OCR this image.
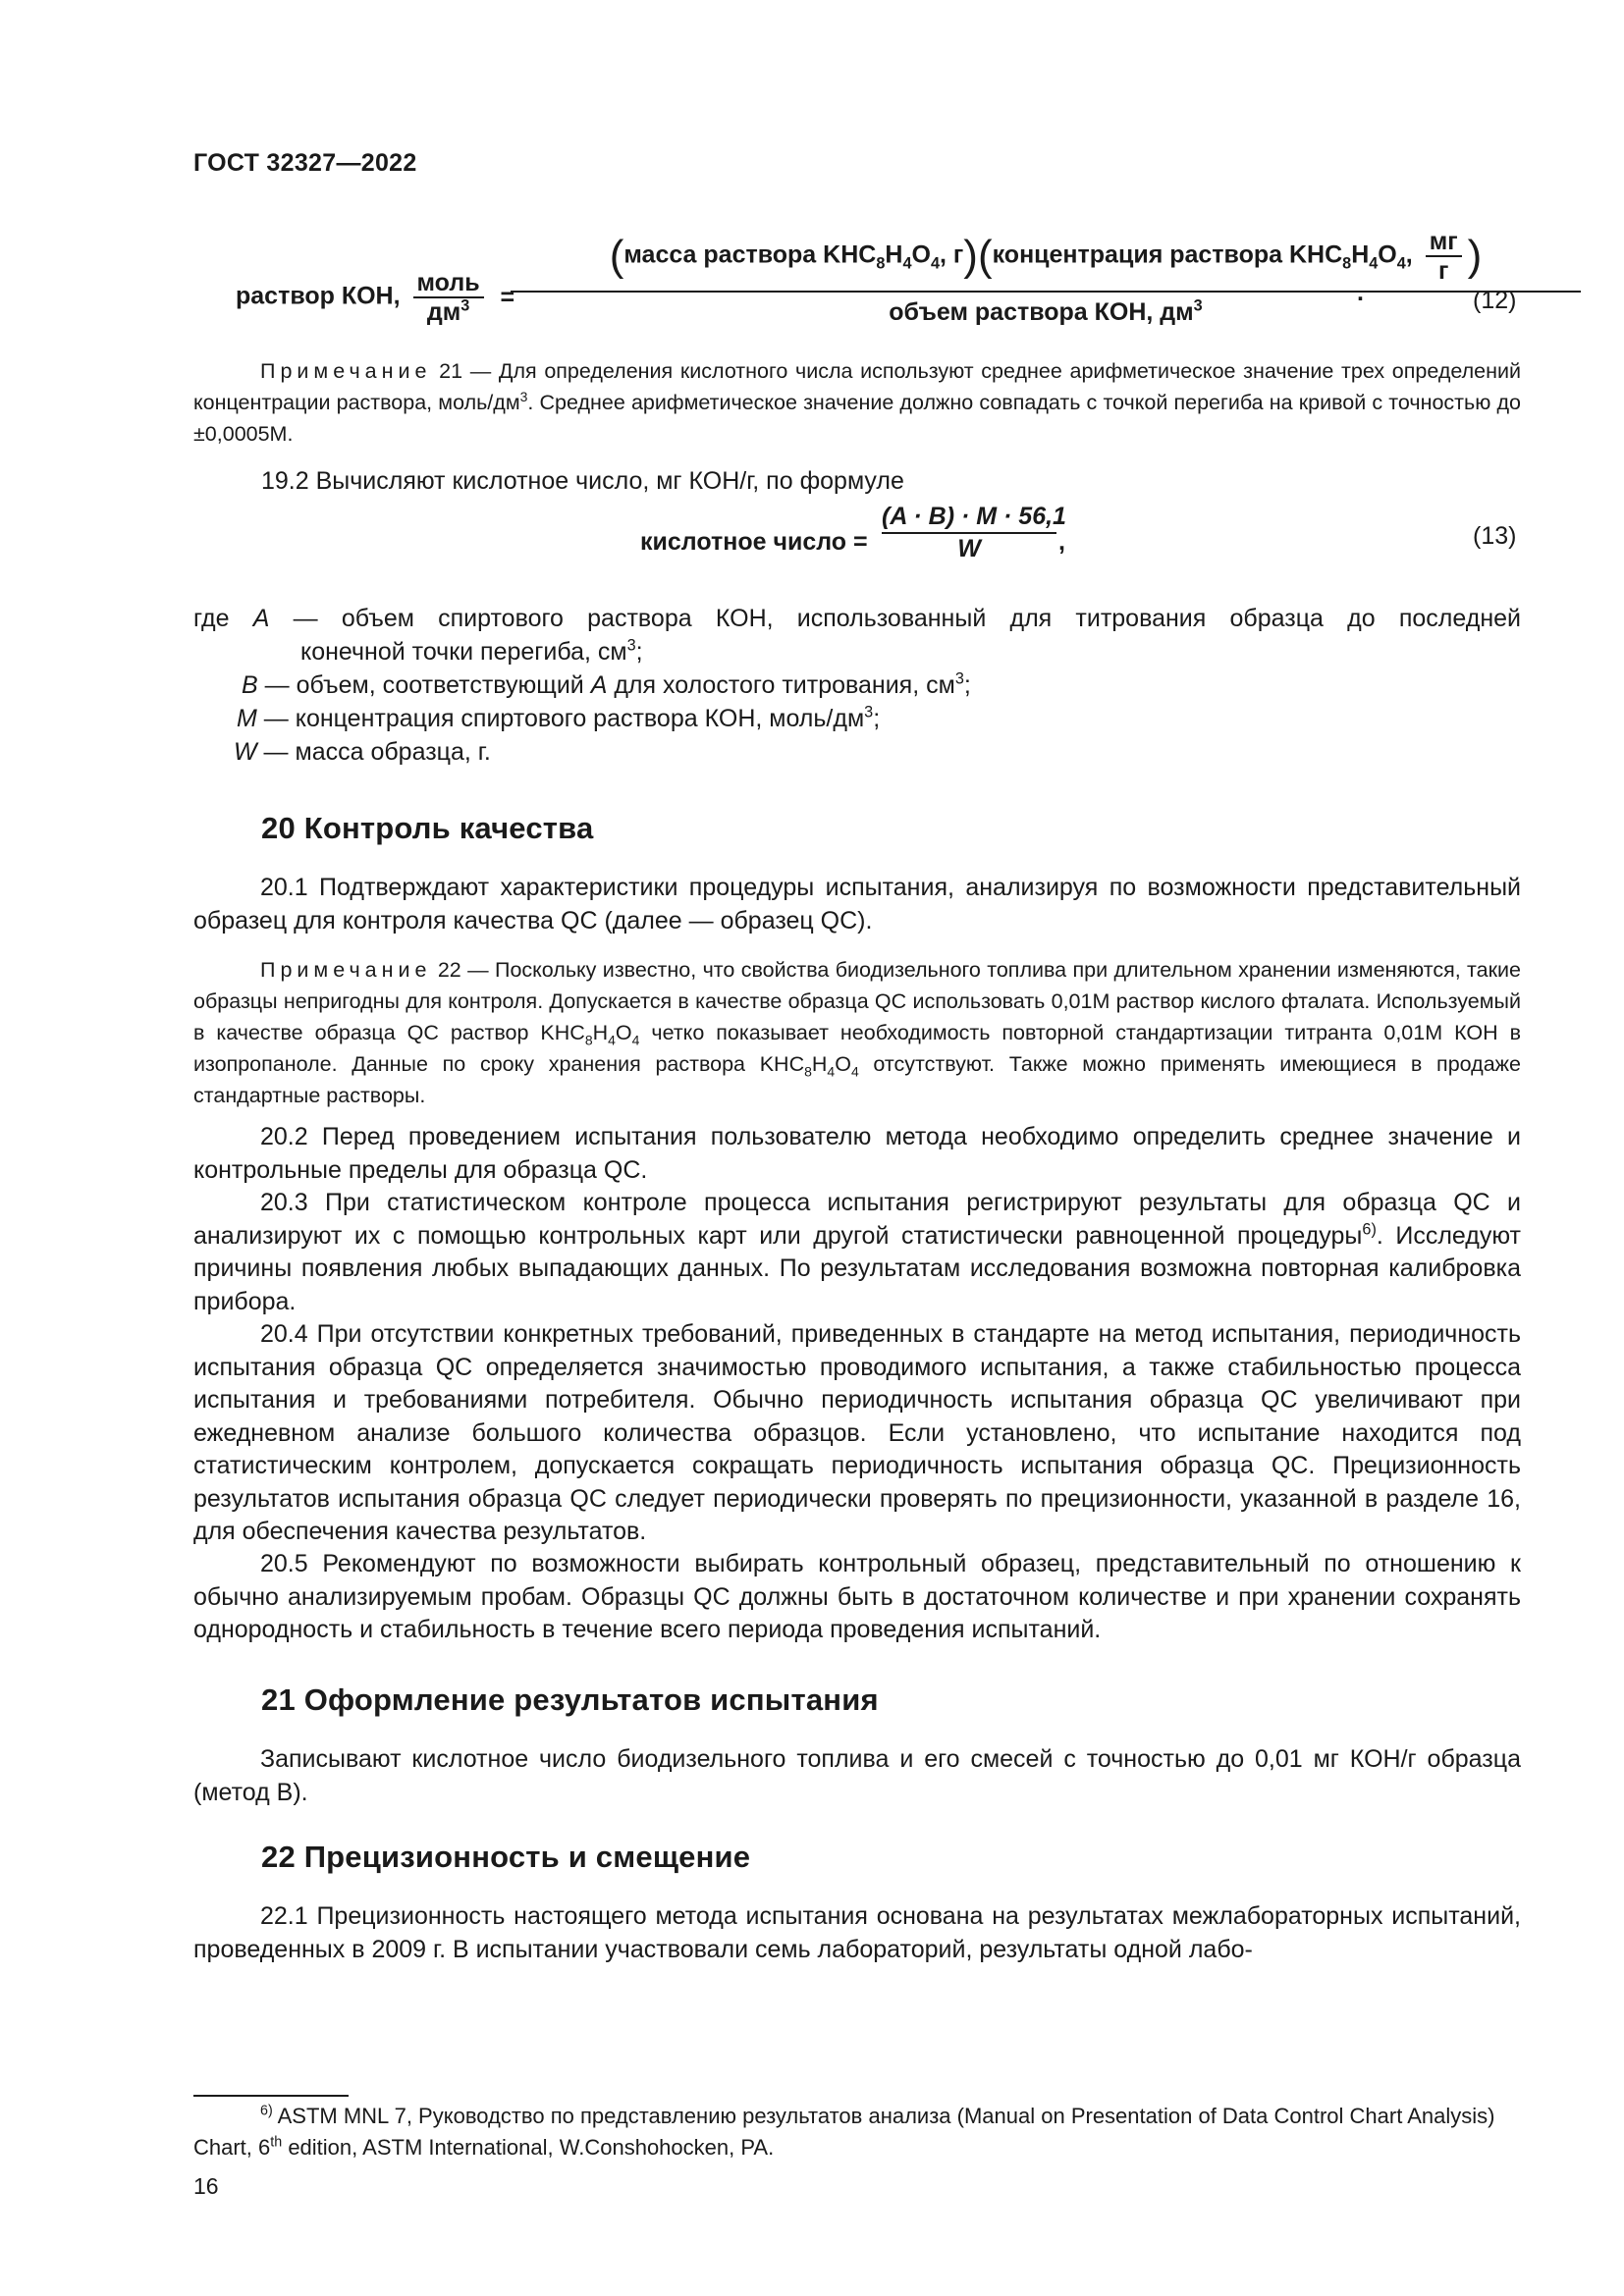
ГОСТ 32327—2022
раствор КОН, $\frac{\text{моль}}{дм^3}$ =
(масса раствора $KHC_8H_4O_4$, г)(концентрация раствора $KHC_8H_4O_4$, $\frac{мг}{г}$ )
объем раствора КОН, $дм^3$	.	(12)
Примечание 21 — Для определения кислотного числа используют среднее арифметическое значение трех определений концентрации раствора, моль/$дм^3$. Среднее арифметическое значение должно совпадать с точкой перегиба на кривой с точностью до ±0,0005М.
19.2 Вычисляют кислотное число, мг КОН/г, по формуле
кислотное число = $\frac{(A \cdot B) \cdot M \cdot 56,1}{W}$ ,	(13)
где A — объем спиртового раствора КОН, использованный для титрования образца до последней
конечной точки перегиба, $см^3$;
B — объем, соответствующий A для холостого титрования, $см^3$;
M — концентрация спиртового раствора КОН, моль/$дм^3$;
W — масса образца, г.
20 Контроль качества
20.1 Подтверждают характеристики процедуры испытания, анализируя по возможности представительный образец для контроля качества QC (далее — образец QC).
Примечание 22 — Поскольку известно, что свойства биодизельного топлива при длительном хранении изменяются, такие образцы непригодны для контроля. Допускается в качестве образца QC использовать 0,01М раствор кислого фталата. Используемый в качестве образца QC раствор $KHC_8H_4O_4$ четко показывает необходимость повторной стандартизации титранта 0,01М КОН в изопропаноле. Данные по сроку хранения раствора $KHC_8H_4O_4$ отсутствуют. Также можно применять имеющиеся в продаже стандартные растворы.
20.2 Перед проведением испытания пользователю метода необходимо определить среднее значение и контрольные пределы для образца QC.
20.3 При статистическом контроле процесса испытания регистрируют результаты для образца QC и анализируют их с помощью контрольных карт или другой статистически равноценной процедуры$^{6)}$. Исследуют причины появления любых выпадающих данных. По результатам исследования возможна повторная калибровка прибора.
20.4 При отсутствии конкретных требований, приведенных в стандарте на метод испытания, периодичность испытания образца QC определяется значимостью проводимого испытания, а также стабильностью процесса испытания и требованиями потребителя. Обычно периодичность испытания образца QC увеличивают при ежедневном анализе большого количества образцов. Если установлено, что испытание находится под статистическим контролем, допускается сокращать периодичность испытания образца QC. Прецизионность результатов испытания образца QC следует периодически проверять по прецизионности, указанной в разделе 16, для обеспечения качества результатов.
20.5 Рекомендуют по возможности выбирать контрольный образец, представительный по отношению к обычно анализируемым пробам. Образцы QC должны быть в достаточном количестве и при хранении сохранять однородность и стабильность в течение всего периода проведения испытаний.
21 Оформление результатов испытания
Записывают кислотное число биодизельного топлива и его смесей с точностью до 0,01 мг КОН/г образца (метод В).
22 Прецизионность и смещение
22.1 Прецизионность настоящего метода испытания основана на результатах межлабораторных испытаний, проведенных в 2009 г. В испытании участвовали семь лабораторий, результаты одной лабо-
$^{6)}$ ASTM MNL 7, Руководство по представлению результатов анализа (Manual on Presentation of Data Control Chart Analysis) Chart, 6th edition, ASTM International, W.Conshohocken, PA.
16
